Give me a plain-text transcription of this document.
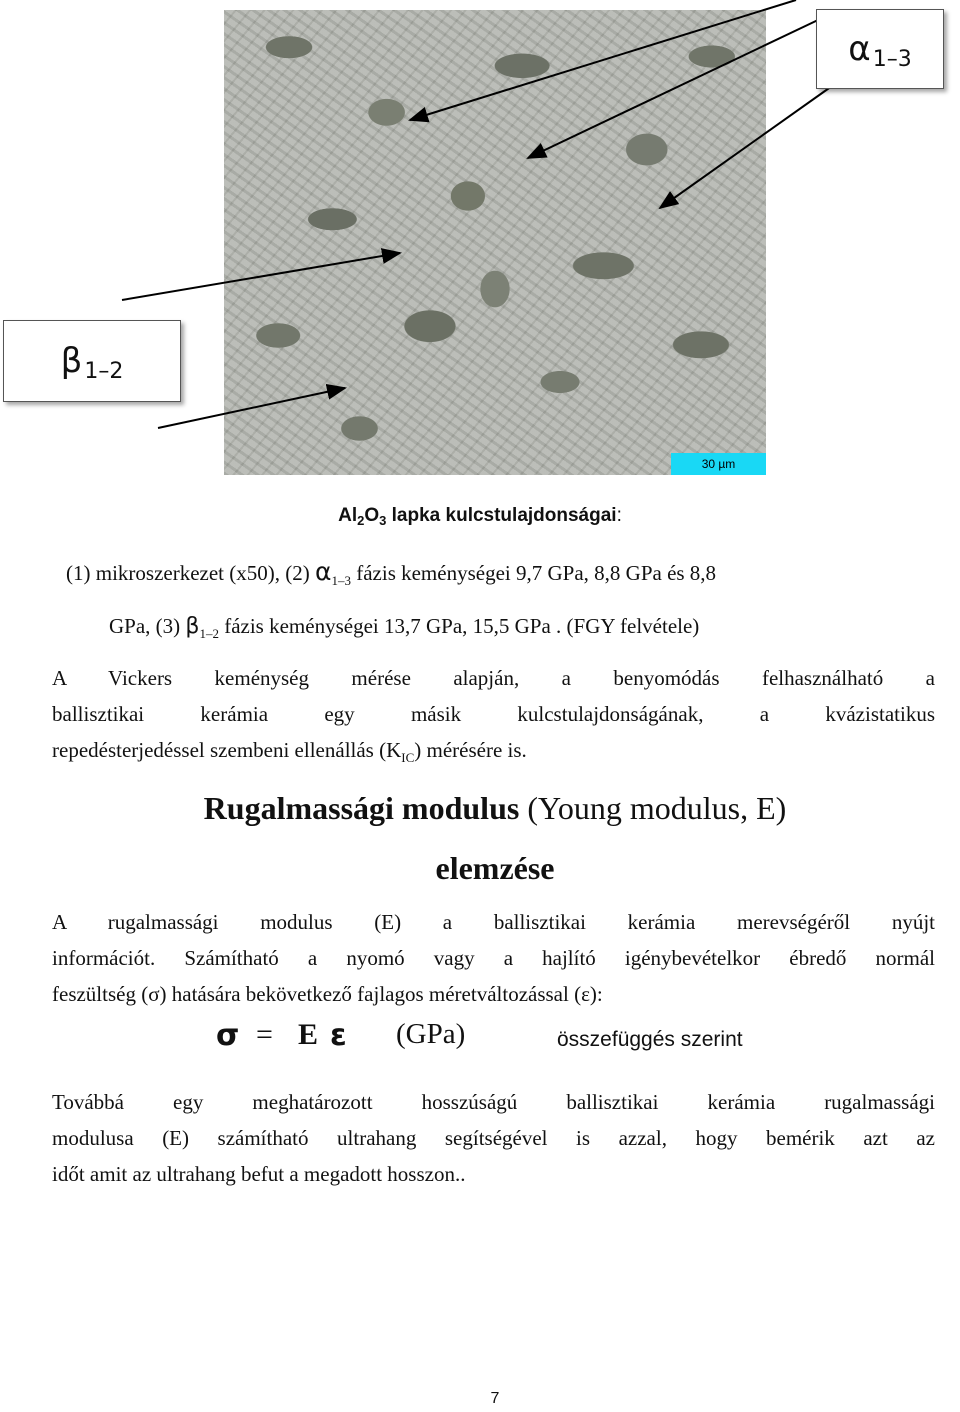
30 µm
α 1–3
β 1–2
$Al_2O_3$ lapka kulcstulajdonságai:
(1) mikroszerkezet (x50), (2) $\alpha_{1-3}$ fázis keménységei 9,7 GPa, 8,8 GPa és 8,8
GPa, (3) $\beta_{1-2}$ fázis keménységei 13,7 GPa, 15,5 GPa . (FGY felvétele)
A Vickers keménység mérése alapján, a benyomódás felhasználható a
ballisztikai kerámia egy másik kulcstulajdonságának, a kvázistatikus
repedésterjedéssel szembeni ellenállás $(K_{IC})$ mérésére is.
Rugalmassági modulus (Young modulus, E)
elemzése
A rugalmassági modulus (E) a ballisztikai kerámia merevségéről nyújt
információt. Számítható a nyomó vagy a hajlító igénybevételkor ébredő normál
feszültség (σ) hatására bekövetkező fajlagos méretváltozással (ε):
σ = E ε (GPa)	összefüggés szerint
Továbbá egy meghatározott hosszúságú ballisztikai kerámia rugalmassági
modulusa (E) számítható ultrahang segítségével is azzal, hogy bemérik azt az
időt amit az ultrahang befut a megadott hosszon..
7
